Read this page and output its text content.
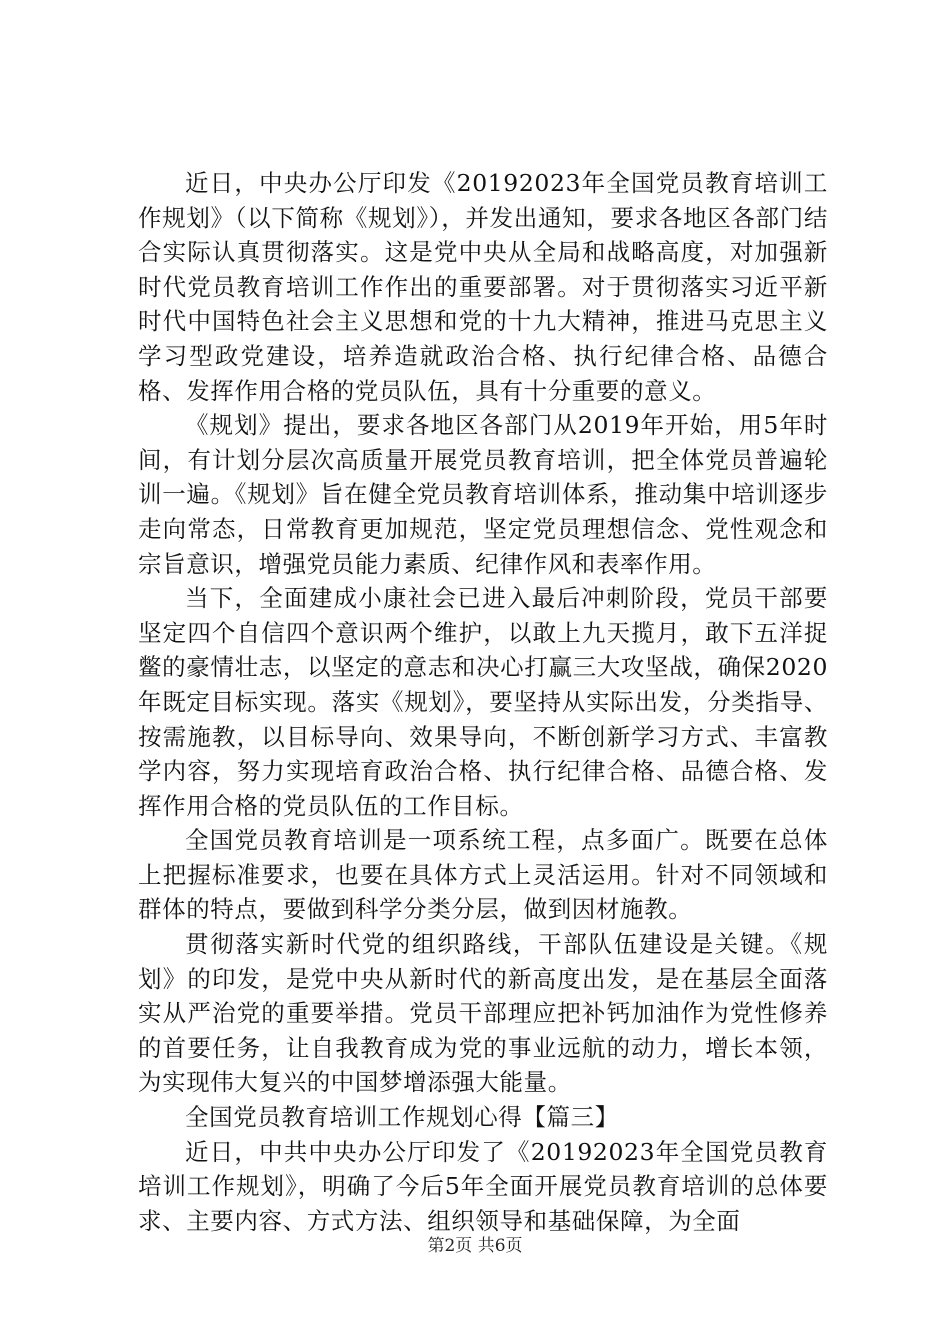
近日，中央办公厅印发《20192023年全国党员教育培训工作规划》（以下简称《规划》），并发出通知，要求各地区各部门结合实际认真贯彻落实。这是党中央从全局和战略高度，对加强新时代党员教育培训工作作出的重要部署。对于贯彻落实习近平新时代中国特色社会主义思想和党的十九大精神，推进马克思主义学习型政党建设，培养造就政治合格、执行纪律合格、品德合格、发挥作用合格的党员队伍，具有十分重要的意义。

《规划》提出，要求各地区各部门从2019年开始，用5年时间，有计划分层次高质量开展党员教育培训，把全体党员普遍轮训一遍。《规划》旨在健全党员教育培训体系，推动集中培训逐步走向常态，日常教育更加规范，坚定党员理想信念、党性观念和宗旨意识，增强党员能力素质、纪律作风和表率作用。

当下，全面建成小康社会已进入最后冲刺阶段，党员干部要坚定四个自信四个意识两个维护，以敢上九天揽月，敢下五洋捉鳖的豪情壮志，以坚定的意志和决心打赢三大攻坚战，确保2020年既定目标实现。落实《规划》，要坚持从实际出发，分类指导、按需施教，以目标导向、效果导向，不断创新学习方式、丰富教学内容，努力实现培育政治合格、执行纪律合格、品德合格、发挥作用合格的党员队伍的工作目标。

全国党员教育培训是一项系统工程，点多面广。既要在总体上把握标准要求，也要在具体方式上灵活运用。针对不同领域和群体的特点，要做到科学分类分层，做到因材施教。

贯彻落实新时代党的组织路线，干部队伍建设是关键。《规划》的印发，是党中央从新时代的新高度出发，是在基层全面落实从严治党的重要举措。党员干部理应把补钙加油作为党性修养的首要任务，让自我教育成为党的事业远航的动力，增长本领，为实现伟大复兴的中国梦增添强大能量。

全国党员教育培训工作规划心得【篇三】

近日，中共中央办公厅印发了《20192023年全国党员教育培训工作规划》，明确了今后5年全面开展党员教育培训的总体要求、主要内容、方式方法、组织领导和基础保障，为全面

第2页 共6页
